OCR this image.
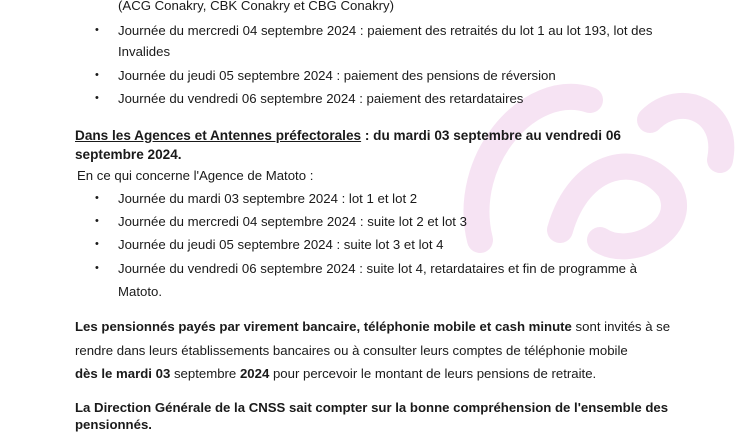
(ACG Conakry, CBK Conakry et CBG Conakry)
• Journée du mercredi 04 septembre 2024 : paiement des retraités du lot 1 au lot 193, lot des
Invalides
• Journée du jeudi 05 septembre 2024 : paiement des pensions de réversion
• Journée du vendredi 06 septembre 2024 : paiement des retardataires
Dans les Agences et Antennes préfectorales : du mardi 03 septembre au vendredi 06
septembre 2024.
En ce qui concerne l'Agence de Matoto :
• Journée du mardi 03 septembre 2024 : lot 1 et lot 2
• Journée du mercredi 04 septembre 2024 : suite lot 2 et lot 3
• Journée du jeudi 05 septembre 2024 : suite lot 3 et lot 4
• Journée du vendredi 06 septembre 2024 : suite lot 4, retardataires et fin de programme à
Matoto.
Les pensionnés payés par virement bancaire, téléphonie mobile et cash minute sont invités à se
rendre dans leurs établissements bancaires ou à consulter leurs comptes de téléphonie mobile
dès le mardi 03 septembre 2024 pour percevoir le montant de leurs pensions de retraite.
La Direction Générale de la CNSS sait compter sur la bonne compréhension de l'ensemble des
pensionnés.
